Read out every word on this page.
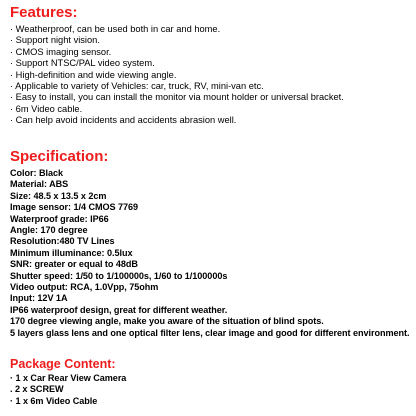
Features:
· Weatherproof, can be used both in car and home.
· Support night vision.
· CMOS imaging sensor.
· Support NTSC/PAL video system.
· High-definition and wide viewing angle.
· Applicable to variety of Vehicles: car, truck, RV, mini-van etc.
· Easy to install, you can install the monitor via mount holder or universal bracket.
· 6m Video cable.
· Can help avoid incidents and accidents abrasion well.
Specification:
Color: Black
Material: ABS
Size: 48.5 x 13.5 x 2cm
Image sensor: 1/4 CMOS 7769
Waterproof grade: IP66
Angle: 170 degree
Resolution:480 TV Lines
Minimum illuminance: 0.5lux
SNR: greater or equal to 48dB
Shutter speed: 1/50 to 1/100000s, 1/60 to 1/100000s
Video output: RCA, 1.0Vpp, 75ohm
Input: 12V 1A
IP66 waterproof design, great for different weather.
170 degree viewing angle, make you aware of the situation of blind spots.
5 layers glass lens and one optical filter lens, clear image and good for different environment.
Package Content:
· 1 x Car Rear View Camera
. 2 x SCREW
· 1 x 6m Video Cable
